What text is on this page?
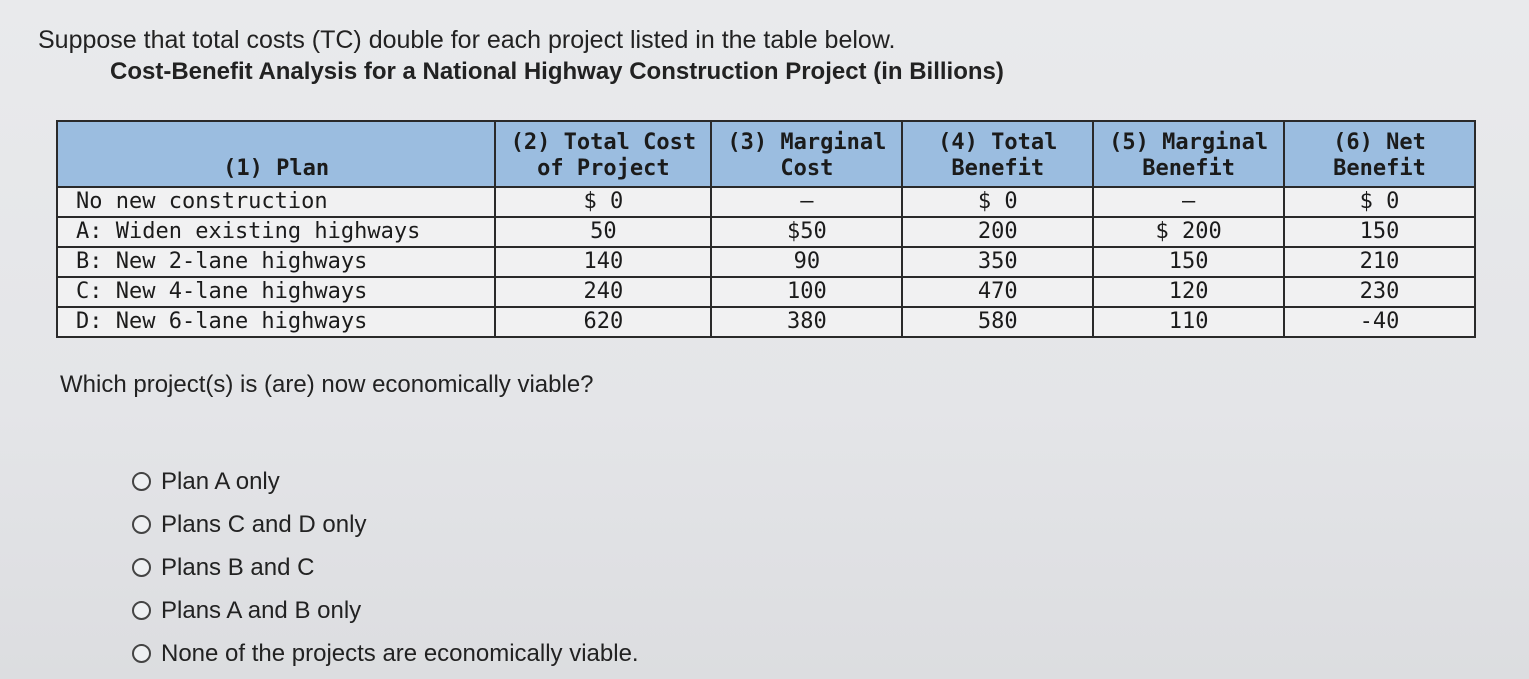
Suppose that total costs (TC) double for each project listed in the table below.
Cost-Benefit Analysis for a National Highway Construction Project (in Billions)
(1) Plan	(2) Total Cost of Project	(3) Marginal Cost	(4) Total Benefit	(5) Marginal Benefit	(6) Net Benefit
No new construction	$ 0	–	$ 0	–	$ 0
A: Widen existing highways	50	$50	200	$ 200	150
B: New 2-lane highways	140	90	350	150	210
C: New 4-lane highways	240	100	470	120	230
D: New 6-lane highways	620	380	580	110	-40
Which project(s) is (are) now economically viable?
Plan A only
Plans C and D only
Plans B and C
Plans A and B only
None of the projects are economically viable.
